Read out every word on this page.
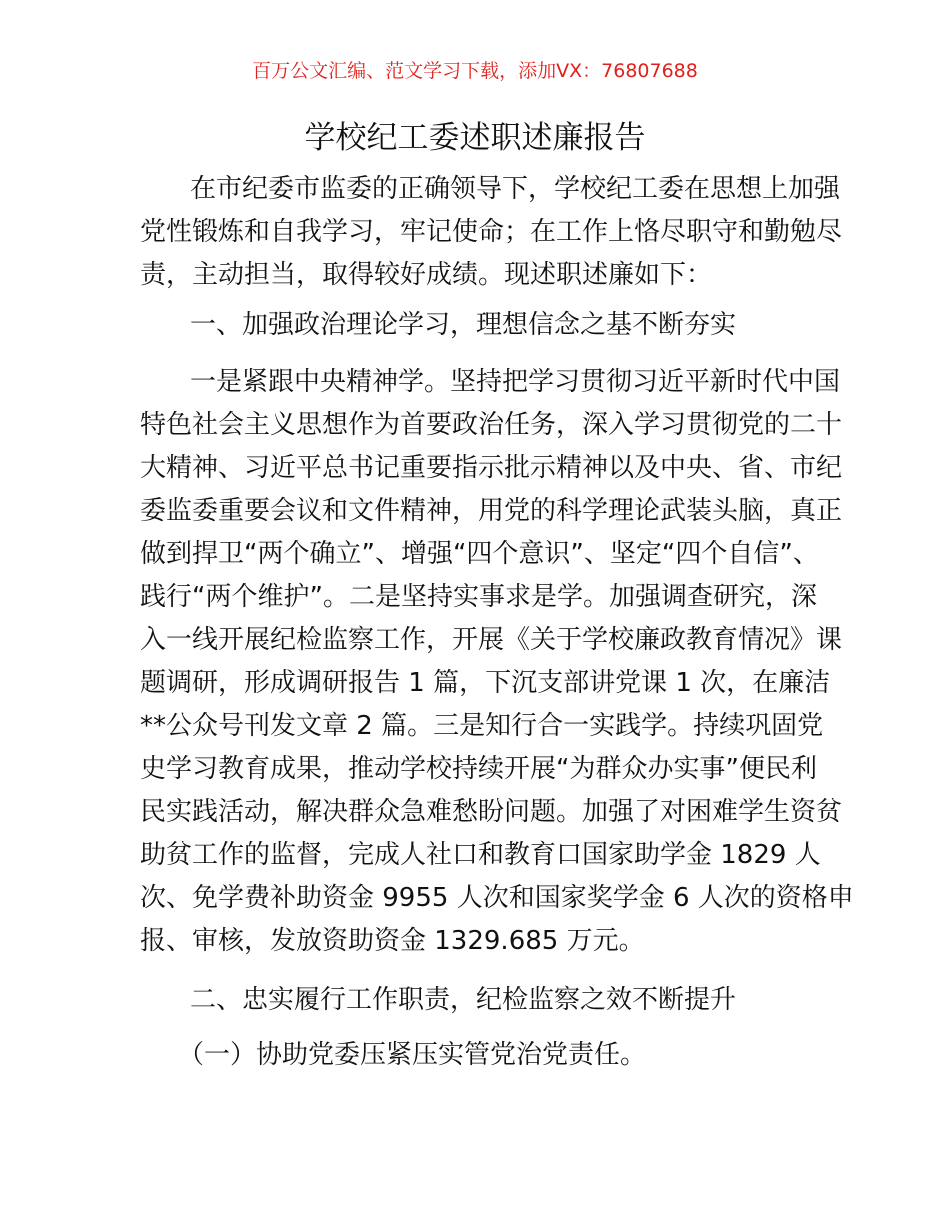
百万公文汇编、范文学习下载，添加VX：76807688
学校纪工委述职述廉报告
在市纪委市监委的正确领导下，学校纪工委在思想上加强
党性锻炼和自我学习，牢记使命；在工作上恪尽职守和勤勉尽
责，主动担当，取得较好成绩。现述职述廉如下：
一、加强政治理论学习，理想信念之基不断夯实
一是紧跟中央精神学。坚持把学习贯彻习近平新时代中国
特色社会主义思想作为首要政治任务，深入学习贯彻党的二十
大精神、习近平总书记重要指示批示精神以及中央、省、市纪
委监委重要会议和文件精神，用党的科学理论武装头脑，真正
做到捍卫“两个确立”、增强“四个意识”、坚定“四个自信”、
践行“两个维护”。二是坚持实事求是学。加强调查研究，深
入一线开展纪检监察工作，开展《关于学校廉政教育情况》课
题调研，形成调研报告 1 篇，下沉支部讲党课 1 次，在廉洁
**公众号刊发文章 2 篇。三是知行合一实践学。持续巩固党
史学习教育成果，推动学校持续开展“为群众办实事”便民利
民实践活动，解决群众急难愁盼问题。加强了对困难学生资贫
助贫工作的监督，完成人社口和教育口国家助学金 1829 人
次、免学费补助资金 9955 人次和国家奖学金 6 人次的资格申
报、审核，发放资助资金 1329.685 万元。
二、忠实履行工作职责，纪检监察之效不断提升
（一）协助党委压紧压实管党治党责任。
